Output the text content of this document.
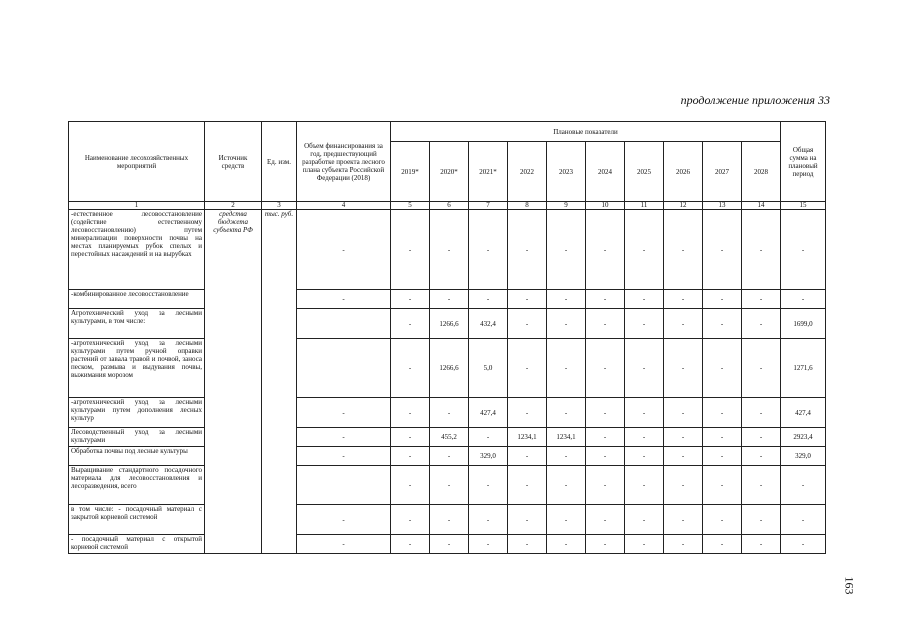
продолжение приложения 33
Наименование лесохозяйственных мероприятий	Источник средств	Ед. изм.	Объем финансирования за год, предшествующий разработке проекта лесного плана субъекта Российской Федерации (2018)	Плановые показатели										Общая сумма на плановый период
				2019*	2020*	2021*	2022	2023	2024	2025	2026	2027	2028	
1	2	3	4	5	6	7	8	9	10	11	12	13	14	15
-естественное лесовосстановление (содействие естественному лесовосстановлению) путем минерализации поверхности почвы на местах планируемых рубок спелых и перестойных насаждений и на вырубках	средства бюджета субъекта РФ	тыс. руб.	-	-	-	-	-	-	-	-	-	-	-	-
-комбинированное лесовосстановление			-	-	-	-	-	-	-	-	-	-	-	-
Агротехнический уход за лесными культурами, в том числе:				-	1266,6	432,4	-	-	-	-	-	-	-	1699,0
-агротехнический уход за лесными культурами путем ручной оправки растений от завала травой и почвой, заноса песком, размыва и выдувания почвы, выжимания морозом				-	1266,6	5,0	-	-	-	-	-	-	-	1271,6
-агротехнический уход за лесными культурами путем дополнения лесных культур			-	-	-	427,4	-	-	-	-	-	-	-	427,4
Лесоводственный уход за лесными культурами			-	-	455,2	-	1234,1	1234,1	-	-	-	-	-	2923,4
Обработка почвы под лесные культуры			-	-	-	329,0	-	-	-	-	-	-	-	329,0
Выращивание стандартного посадочного материала для лесовосстановления и лесоразведения, всего				-	-	-	-	-	-	-	-	-	-	-
в том числе: - посадочный материал с закрытой корневой системой			-	-	-	-	-	-	-	-	-	-	-	-
- посадочный материал с открытой корневой системой			-	-	-	-	-	-	-	-	-	-	-	-
163
